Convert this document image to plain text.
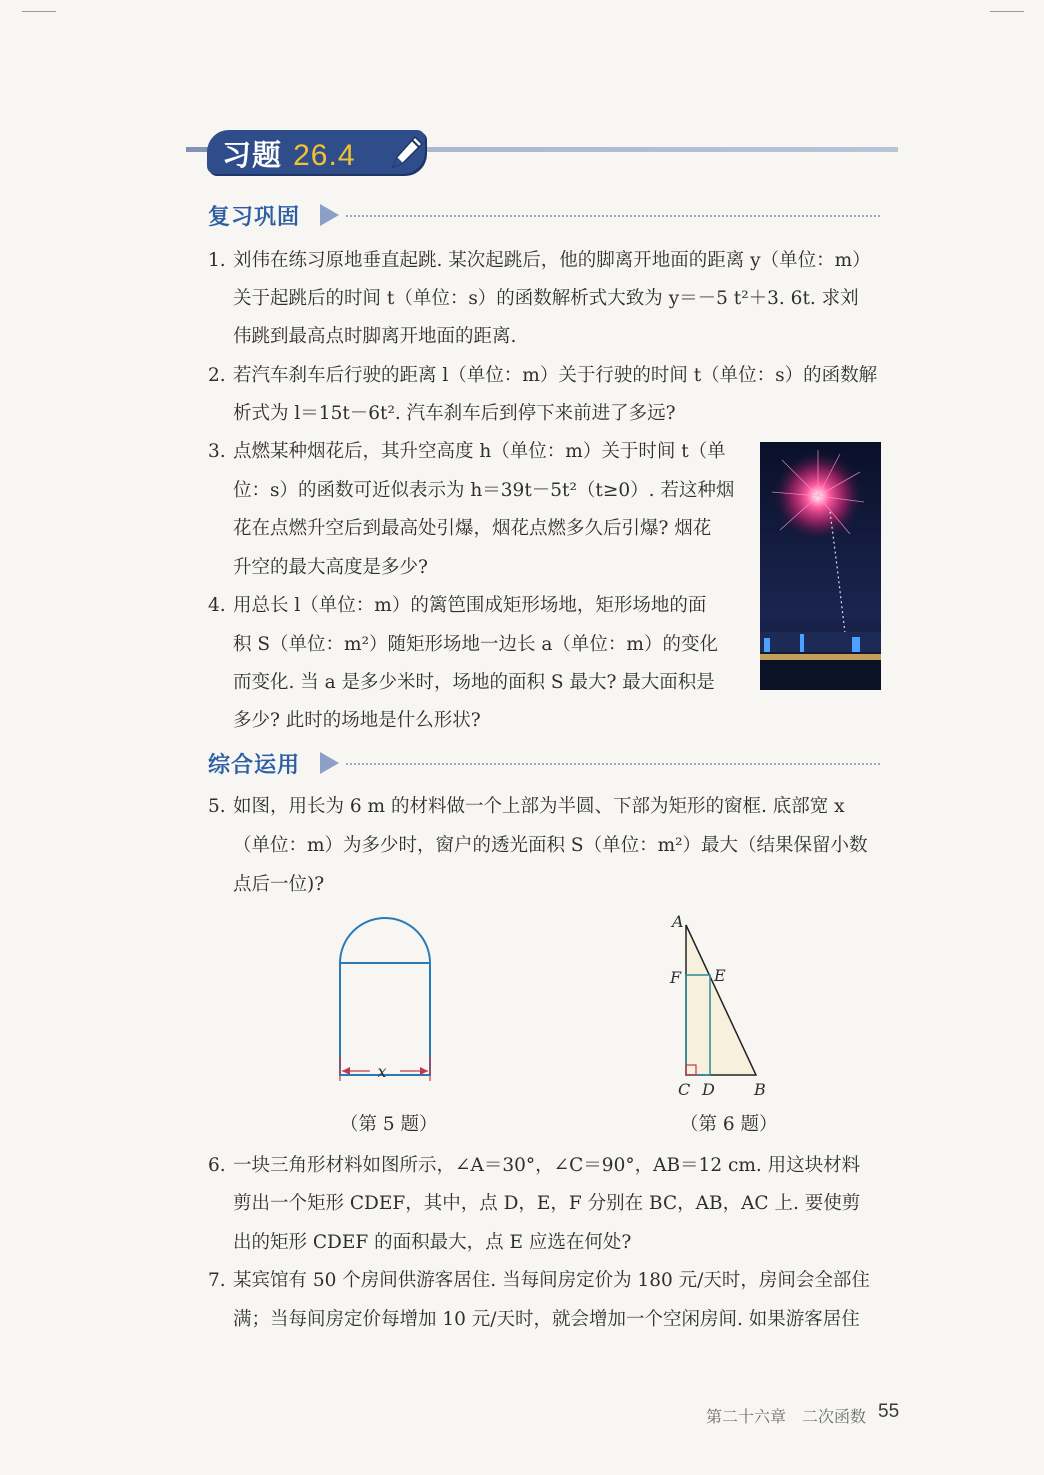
习题 26.4
复习巩固
1. 刘伟在练习原地垂直起跳. 某次起跳后，他的脚离开地面的距离 y（单位：m）
关于起跳后的时间 t（单位：s）的函数解析式大致为 y＝－5 t²＋3. 6t. 求刘
伟跳到最高点时脚离开地面的距离.
2. 若汽车刹车后行驶的距离 l（单位：m）关于行驶的时间 t（单位：s）的函数解
析式为 l＝15t－6t². 汽车刹车后到停下来前进了多远?
3. 点燃某种烟花后，其升空高度 h（单位：m）关于时间 t（单
位：s）的函数可近似表示为 h＝39t－5t²（t≥0）. 若这种烟
花在点燃升空后到最高处引爆，烟花点燃多久后引爆? 烟花
升空的最大高度是多少?
4. 用总长 l（单位：m）的篱笆围成矩形场地，矩形场地的面
积 S（单位：m²）随矩形场地一边长 a（单位：m）的变化
而变化. 当 a 是多少米时，场地的面积 S 最大? 最大面积是
多少? 此时的场地是什么形状?
综合运用
5. 如图，用长为 6 m 的材料做一个上部为半圆、下部为矩形的窗框. 底部宽 x
（单位：m）为多少时，窗户的透光面积 S（单位：m²）最大（结果保留小数
点后一位)?
x
（第 5 题）
A
F E
C D B
（第 6 题）
6. 一块三角形材料如图所示，∠A＝30°，∠C＝90°，AB＝12 cm. 用这块材料
剪出一个矩形 CDEF，其中，点 D，E，F 分别在 BC，AB，AC 上. 要使剪
出的矩形 CDEF 的面积最大，点 E 应选在何处?
7. 某宾馆有 50 个房间供游客居住. 当每间房定价为 180 元/天时，房间会全部住
满；当每间房定价每增加 10 元/天时，就会增加一个空闲房间. 如果游客居住
第二十六章　二次函数 55
